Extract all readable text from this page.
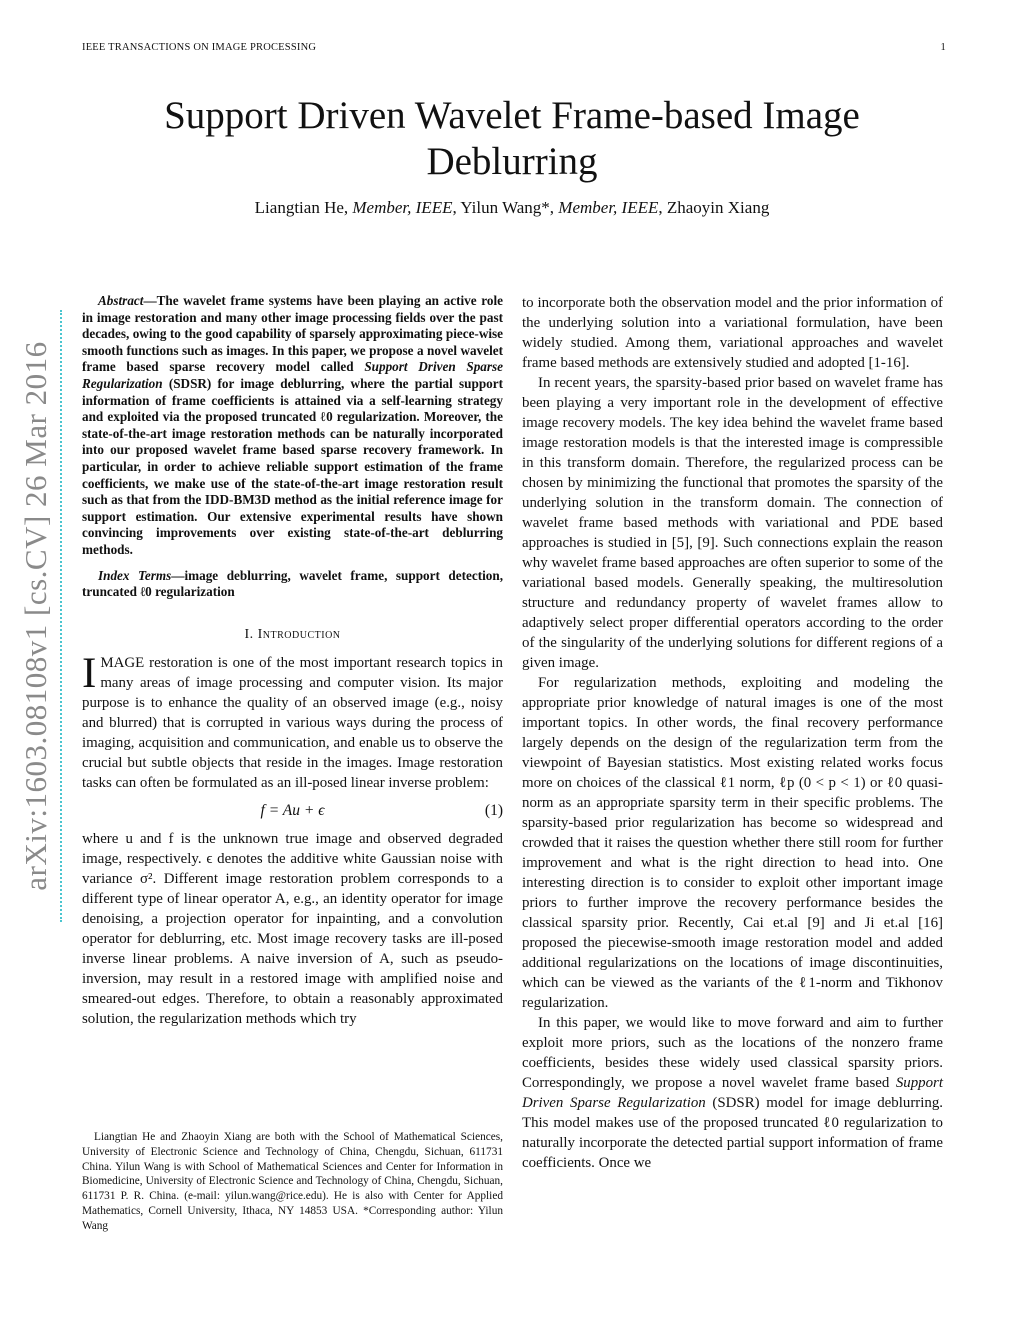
IEEE TRANSACTIONS ON IMAGE PROCESSING	1
Support Driven Wavelet Frame-based Image Deblurring
Liangtian He, Member, IEEE, Yilun Wang*, Member, IEEE, Zhaoyin Xiang
arXiv:1603.08108v1 [cs.CV] 26 Mar 2016

Abstract—The wavelet frame systems have been playing an active role in image restoration and many other image processing fields over the past decades, owing to the good capability of sparsely approximating piece-wise smooth functions such as images. In this paper, we propose a novel wavelet frame based sparse recovery model called Support Driven Sparse Regularization (SDSR) for image deblurring, where the partial support information of frame coefficients is attained via a self-learning strategy and exploited via the proposed truncated ℓ0 regularization. Moreover, the state-of-the-art image restoration methods can be naturally incorporated into our proposed wavelet frame based sparse recovery framework. In particular, in order to achieve reliable support estimation of the frame coefficients, we make use of the state-of-the-art image restoration result such as that from the IDD-BM3D method as the initial reference image for support estimation. Our extensive experimental results have shown convincing improvements over existing state-of-the-art deblurring methods.

Index Terms—image deblurring, wavelet frame, support detection, truncated ℓ0 regularization

I. Introduction

IMAGE restoration is one of the most important research topics in many areas of image processing and computer vision. Its major purpose is to enhance the quality of an observed image (e.g., noisy and blurred) that is corrupted in various ways during the process of imaging, acquisition and communication, and enable us to observe the crucial but subtle objects that reside in the images. Image restoration tasks can often be formulated as an ill-posed linear inverse problem:

f = Au + ϵ	(1)

where u and f is the unknown true image and observed degraded image, respectively. ϵ denotes the additive white Gaussian noise with variance σ². Different image restoration problem corresponds to a different type of linear operator A, e.g., an identity operator for image denoising, a projection operator for inpainting, and a convolution operator for deblurring, etc. Most image recovery tasks are ill-posed inverse linear problems. A naive inversion of A, such as pseudo-inversion, may result in a restored image with amplified noise and smeared-out edges. Therefore, to obtain a reasonably approximated solution, the regularization methods which try

to incorporate both the observation model and the prior information of the underlying solution into a variational formulation, have been widely studied. Among them, variational approaches and wavelet frame based methods are extensively studied and adopted [1-16].

In recent years, the sparsity-based prior based on wavelet frame has been playing a very important role in the development of effective image recovery models. The key idea behind the wavelet frame based image restoration models is that the interested image is compressible in this transform domain. Therefore, the regularized process can be chosen by minimizing the functional that promotes the sparsity of the underlying solution in the transform domain. The connection of wavelet frame based methods with variational and PDE based approaches is studied in [5], [9]. Such connections explain the reason why wavelet frame based approaches are often superior to some of the variational based models. Generally speaking, the multiresolution structure and redundancy property of wavelet frames allow to adaptively select proper differential operators according to the order of the singularity of the underlying solutions for different regions of a given image.

For regularization methods, exploiting and modeling the appropriate prior knowledge of natural images is one of the most important topics. In other words, the final recovery performance largely depends on the design of the regularization term from the viewpoint of Bayesian statistics. Most existing related works focus more on choices of the classical ℓ1 norm, ℓp (0 < p < 1) or ℓ0 quasi-norm as an appropriate sparsity term in their specific problems. The sparsity-based prior regularization has become so widespread and crowded that it raises the question whether there still room for further improvement and what is the right direction to head into. One interesting direction is to consider to exploit other important image priors to further improve the recovery performance besides the classical sparsity prior. Recently, Cai et.al [9] and Ji et.al [16] proposed the piecewise-smooth image restoration model and added additional regularizations on the locations of image discontinuities, which can be viewed as the variants of the ℓ1-norm and Tikhonov regularization.

In this paper, we would like to move forward and aim to further exploit more priors, such as the locations of the nonzero frame coefficients, besides these widely used classical sparsity priors. Correspondingly, we propose a novel wavelet frame based Support Driven Sparse Regularization (SDSR) model for image deblurring. This model makes use of the proposed truncated ℓ0 regularization to naturally incorporate the detected partial support information of frame coefficients. Once we

Liangtian He and Zhaoyin Xiang are both with the School of Mathematical Sciences, University of Electronic Science and Technology of China, Chengdu, Sichuan, 611731 China. Yilun Wang is with School of Mathematical Sciences and Center for Information in Biomedicine, University of Electronic Science and Technology of China, Chengdu, Sichuan, 611731 P. R. China. (e-mail: yilun.wang@rice.edu). He is also with Center for Applied Mathematics, Cornell University, Ithaca, NY 14853 USA. *Corresponding author: Yilun Wang
